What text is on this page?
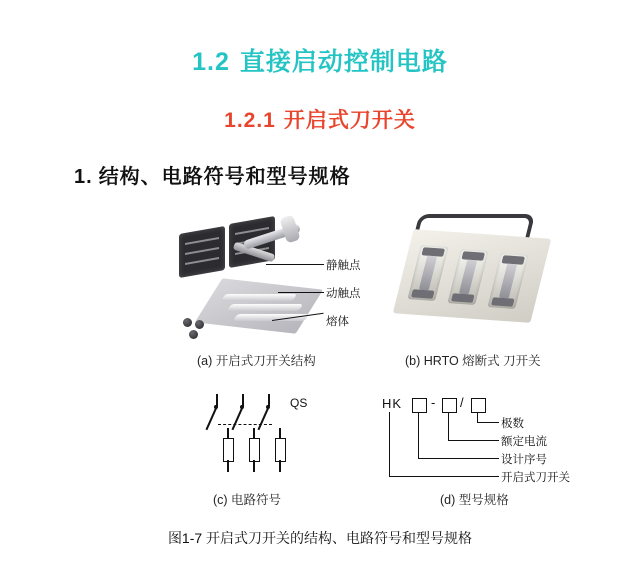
1.2 直接启动控制电路
1.2.1 开启式刀开关
1. 结构、电路符号和型号规格
静触点
动触点
熔体
(a) 开启式刀开关结构	(b) HRTO 熔断式 刀开关
QS	HK - /
极数
额定电流
设计序号
开启式刀开关
(c) 电路符号	(d) 型号规格
图1-7 开启式刀开关的结构、电路符号和型号规格
